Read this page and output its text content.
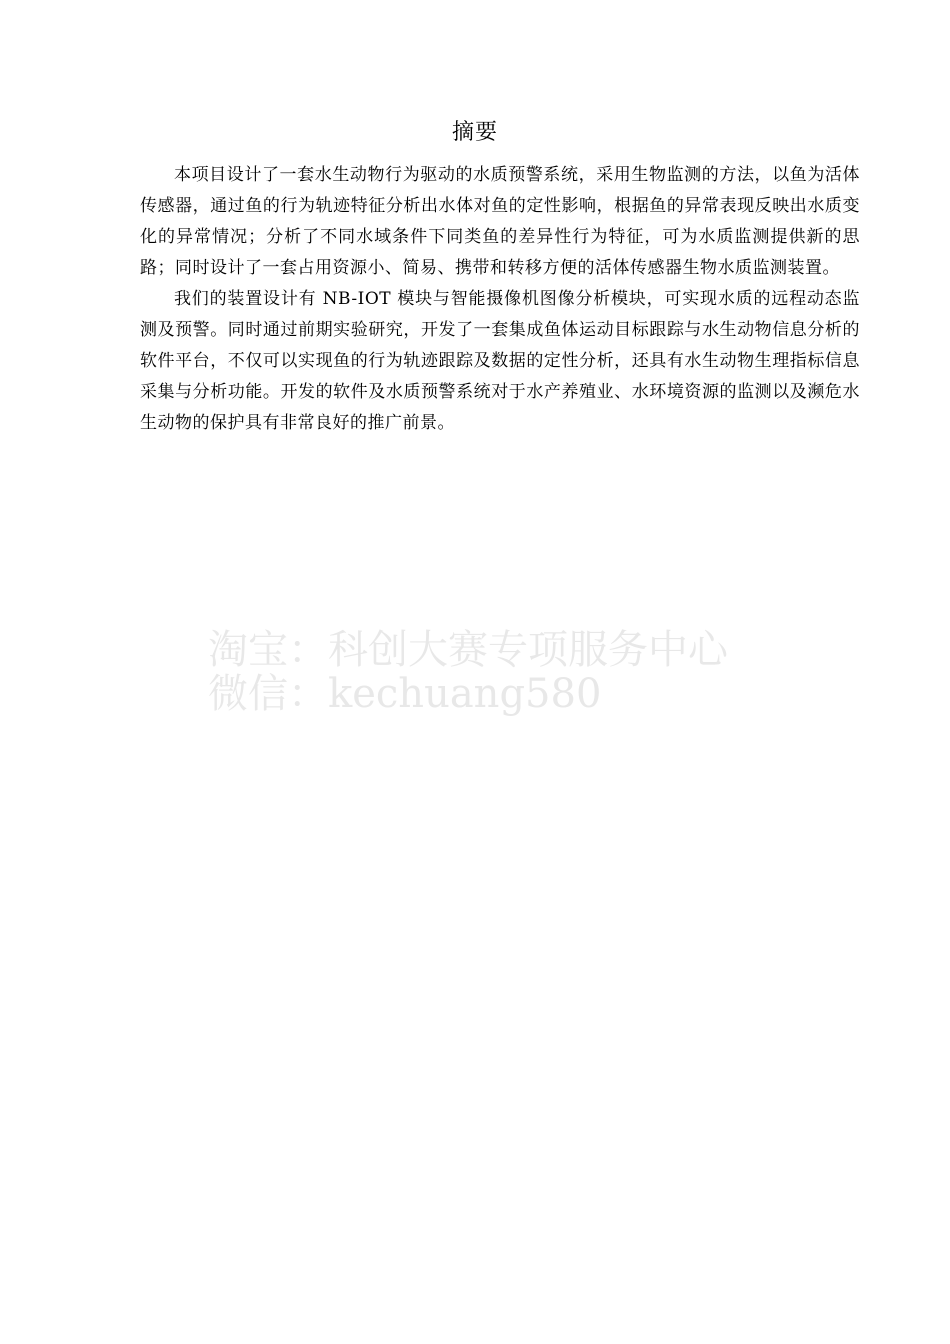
摘要

本项目设计了一套水生动物行为驱动的水质预警系统，采用生物监测的方法，以鱼为活体传感器，通过鱼的行为轨迹特征分析出水体对鱼的定性影响，根据鱼的异常表现反映出水质变化的异常情况；分析了不同水域条件下同类鱼的差异性行为特征，可为水质监测提供新的思路；同时设计了一套占用资源小、简易、携带和转移方便的活体传感器生物水质监测装置。

我们的装置设计有 NB-IOT 模块与智能摄像机图像分析模块，可实现水质的远程动态监测及预警。同时通过前期实验研究，开发了一套集成鱼体运动目标跟踪与水生动物信息分析的软件平台，不仅可以实现鱼的行为轨迹跟踪及数据的定性分析，还具有水生动物生理指标信息采集与分析功能。开发的软件及水质预警系统对于水产养殖业、水环境资源的监测以及濒危水生动物的保护具有非常良好的推广前景。

淘宝：科创大赛专项服务中心
微信：kechuang580
